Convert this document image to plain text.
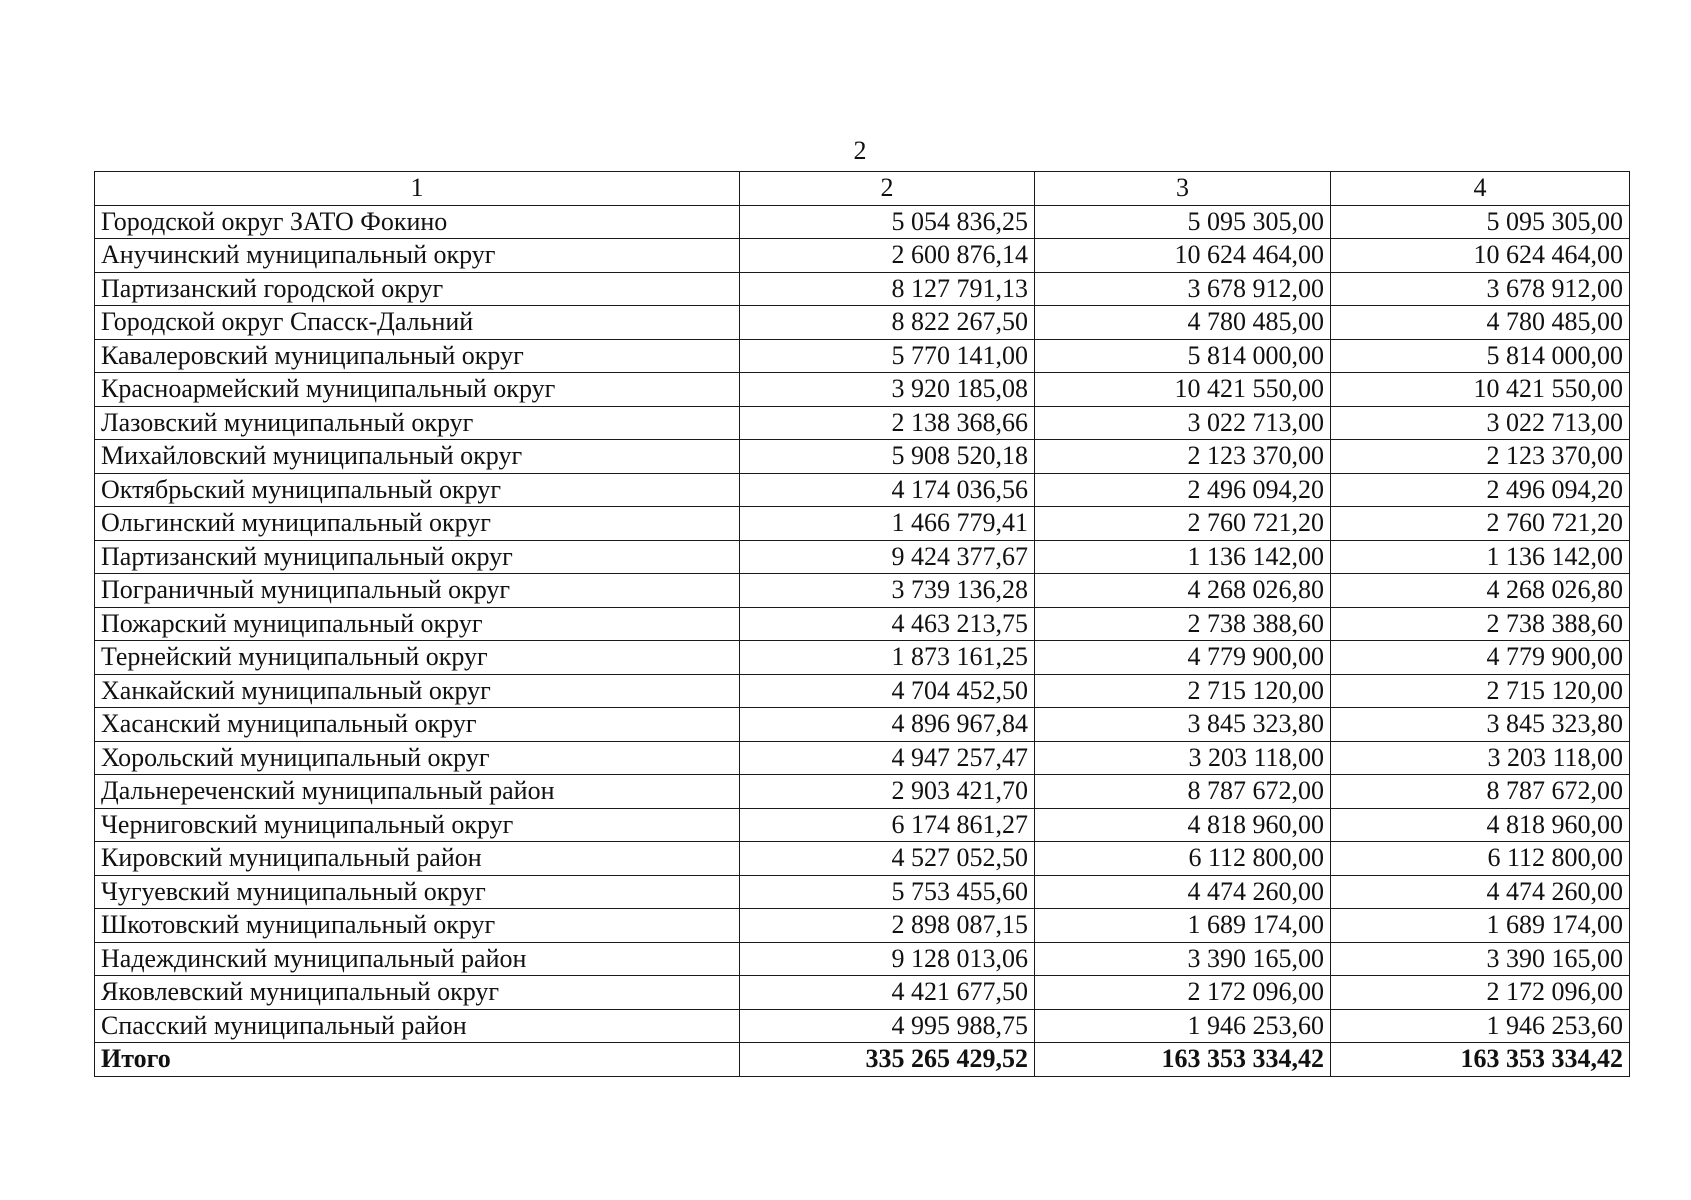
2
1	2	3	4
Городской округ ЗАТО Фокино	5 054 836,25	5 095 305,00	5 095 305,00
Анучинский муниципальный округ	2 600 876,14	10 624 464,00	10 624 464,00
Партизанский городской округ	8 127 791,13	3 678 912,00	3 678 912,00
Городской округ Спасск-Дальний	8 822 267,50	4 780 485,00	4 780 485,00
Кавалеровский муниципальный округ	5 770 141,00	5 814 000,00	5 814 000,00
Красноармейский муниципальный округ	3 920 185,08	10 421 550,00	10 421 550,00
Лазовский муниципальный округ	2 138 368,66	3 022 713,00	3 022 713,00
Михайловский муниципальный округ	5 908 520,18	2 123 370,00	2 123 370,00
Октябрьский муниципальный округ	4 174 036,56	2 496 094,20	2 496 094,20
Ольгинский муниципальный округ	1 466 779,41	2 760 721,20	2 760 721,20
Партизанский муниципальный округ	9 424 377,67	1 136 142,00	1 136 142,00
Пограничный муниципальный округ	3 739 136,28	4 268 026,80	4 268 026,80
Пожарский муниципальный округ	4 463 213,75	2 738 388,60	2 738 388,60
Тернейский муниципальный округ	1 873 161,25	4 779 900,00	4 779 900,00
Ханкайский муниципальный округ	4 704 452,50	2 715 120,00	2 715 120,00
Хасанский муниципальный округ	4 896 967,84	3 845 323,80	3 845 323,80
Хорольский муниципальный округ	4 947 257,47	3 203 118,00	3 203 118,00
Дальнереченский муниципальный район	2 903 421,70	8 787 672,00	8 787 672,00
Черниговский муниципальный округ	6 174 861,27	4 818 960,00	4 818 960,00
Кировский муниципальный район	4 527 052,50	6 112 800,00	6 112 800,00
Чугуевский муниципальный округ	5 753 455,60	4 474 260,00	4 474 260,00
Шкотовский муниципальный округ	2 898 087,15	1 689 174,00	1 689 174,00
Надеждинский муниципальный район	9 128 013,06	3 390 165,00	3 390 165,00
Яковлевский муниципальный округ	4 421 677,50	2 172 096,00	2 172 096,00
Спасский муниципальный район	4 995 988,75	1 946 253,60	1 946 253,60
Итого	335 265 429,52	163 353 334,42	163 353 334,42
